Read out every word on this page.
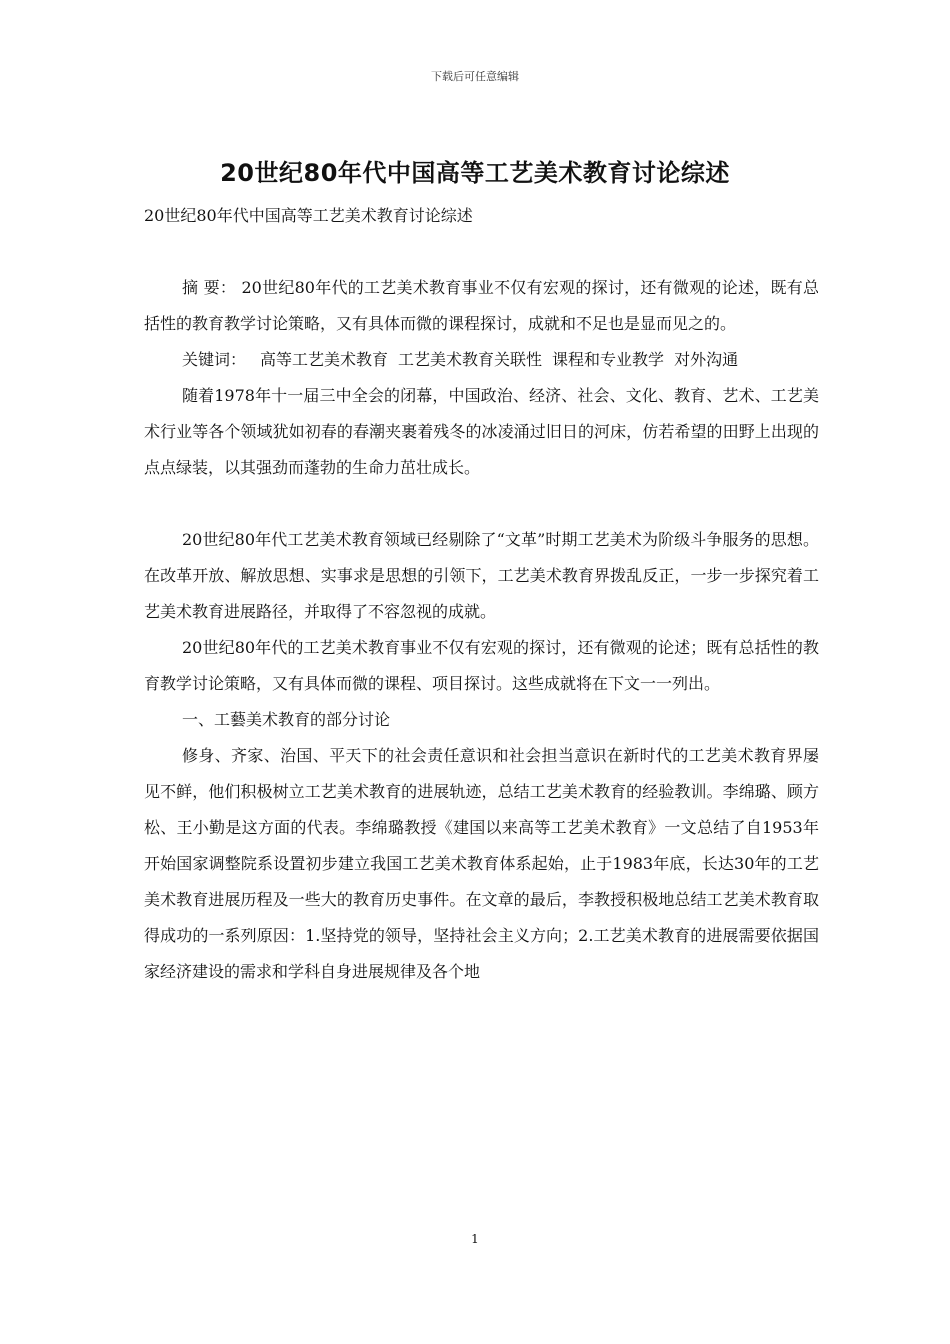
下载后可任意编辑
20世纪80年代中国高等工艺美术教育讨论综述
20世纪80年代中国高等工艺美术教育讨论综述

摘 要： 20世纪80年代的工艺美术教育事业不仅有宏观的探讨，还有微观的论述，既有总括性的教育教学讨论策略，又有具体而微的课程探讨，成就和不足也是显而见之的。

关键词： 高等工艺美术教育 工艺美术教育关联性 课程和专业教学 对外沟通

随着1978年十一届三中全会的闭幕，中国政治、经济、社会、文化、教育、艺术、工艺美术行业等各个领域犹如初春的春潮夹裹着残冬的冰凌涌过旧日的河床，仿若希望的田野上出现的点点绿装，以其强劲而蓬勃的生命力茁壮成长。

20世纪80年代工艺美术教育领域已经剔除了“文革”时期工艺美术为阶级斗争服务的思想。在改革开放、解放思想、实事求是思想的引领下，工艺美术教育界拨乱反正，一步一步探究着工艺美术教育进展路径，并取得了不容忽视的成就。

20世纪80年代的工艺美术教育事业不仅有宏观的探讨，还有微观的论述；既有总括性的教育教学讨论策略，又有具体而微的课程、项目探讨。这些成就将在下文一一列出。

一、工藝美术教育的部分讨论

修身、齐家、治国、平天下的社会责任意识和社会担当意识在新时代的工艺美术教育界屡见不鲜，他们积极树立工艺美术教育的进展轨迹，总结工艺美术教育的经验教训。李绵璐、顾方松、王小勤是这方面的代表。李绵璐教授《建国以来高等工艺美术教育》一文总结了自1953年开始国家调整院系设置初步建立我国工艺美术教育体系起始，止于1983年底，长达30年的工艺美术教育进展历程及一些大的教育历史事件。在文章的最后，李教授积极地总结工艺美术教育取得成功的一系列原因：1.坚持党的领导，坚持社会主义方向；2.工艺美术教育的进展需要依据国家经济建设的需求和学科自身进展规律及各个地

1
